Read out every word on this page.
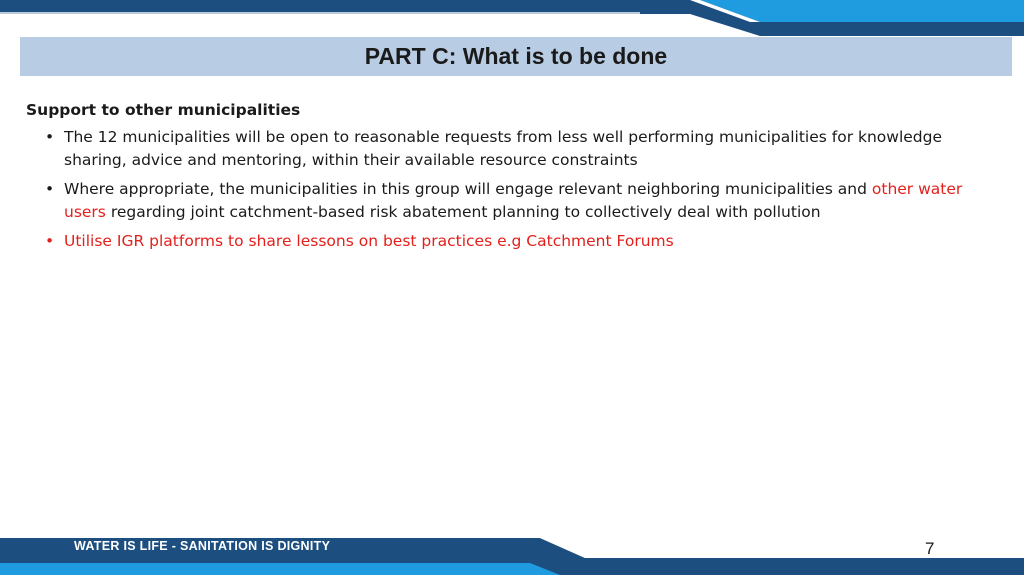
PART C: What is to be done
Support to other municipalities
• The 12 municipalities will be open to reasonable requests from less well performing municipalities for knowledge sharing, advice and mentoring, within their available resource constraints
• Where appropriate, the municipalities in this group will engage relevant neighboring municipalities and other water users regarding joint catchment-based risk abatement planning to collectively deal with pollution
• Utilise IGR platforms to share lessons on best practices e.g Catchment Forums
WATER IS LIFE - SANITATION IS DIGNITY	7
